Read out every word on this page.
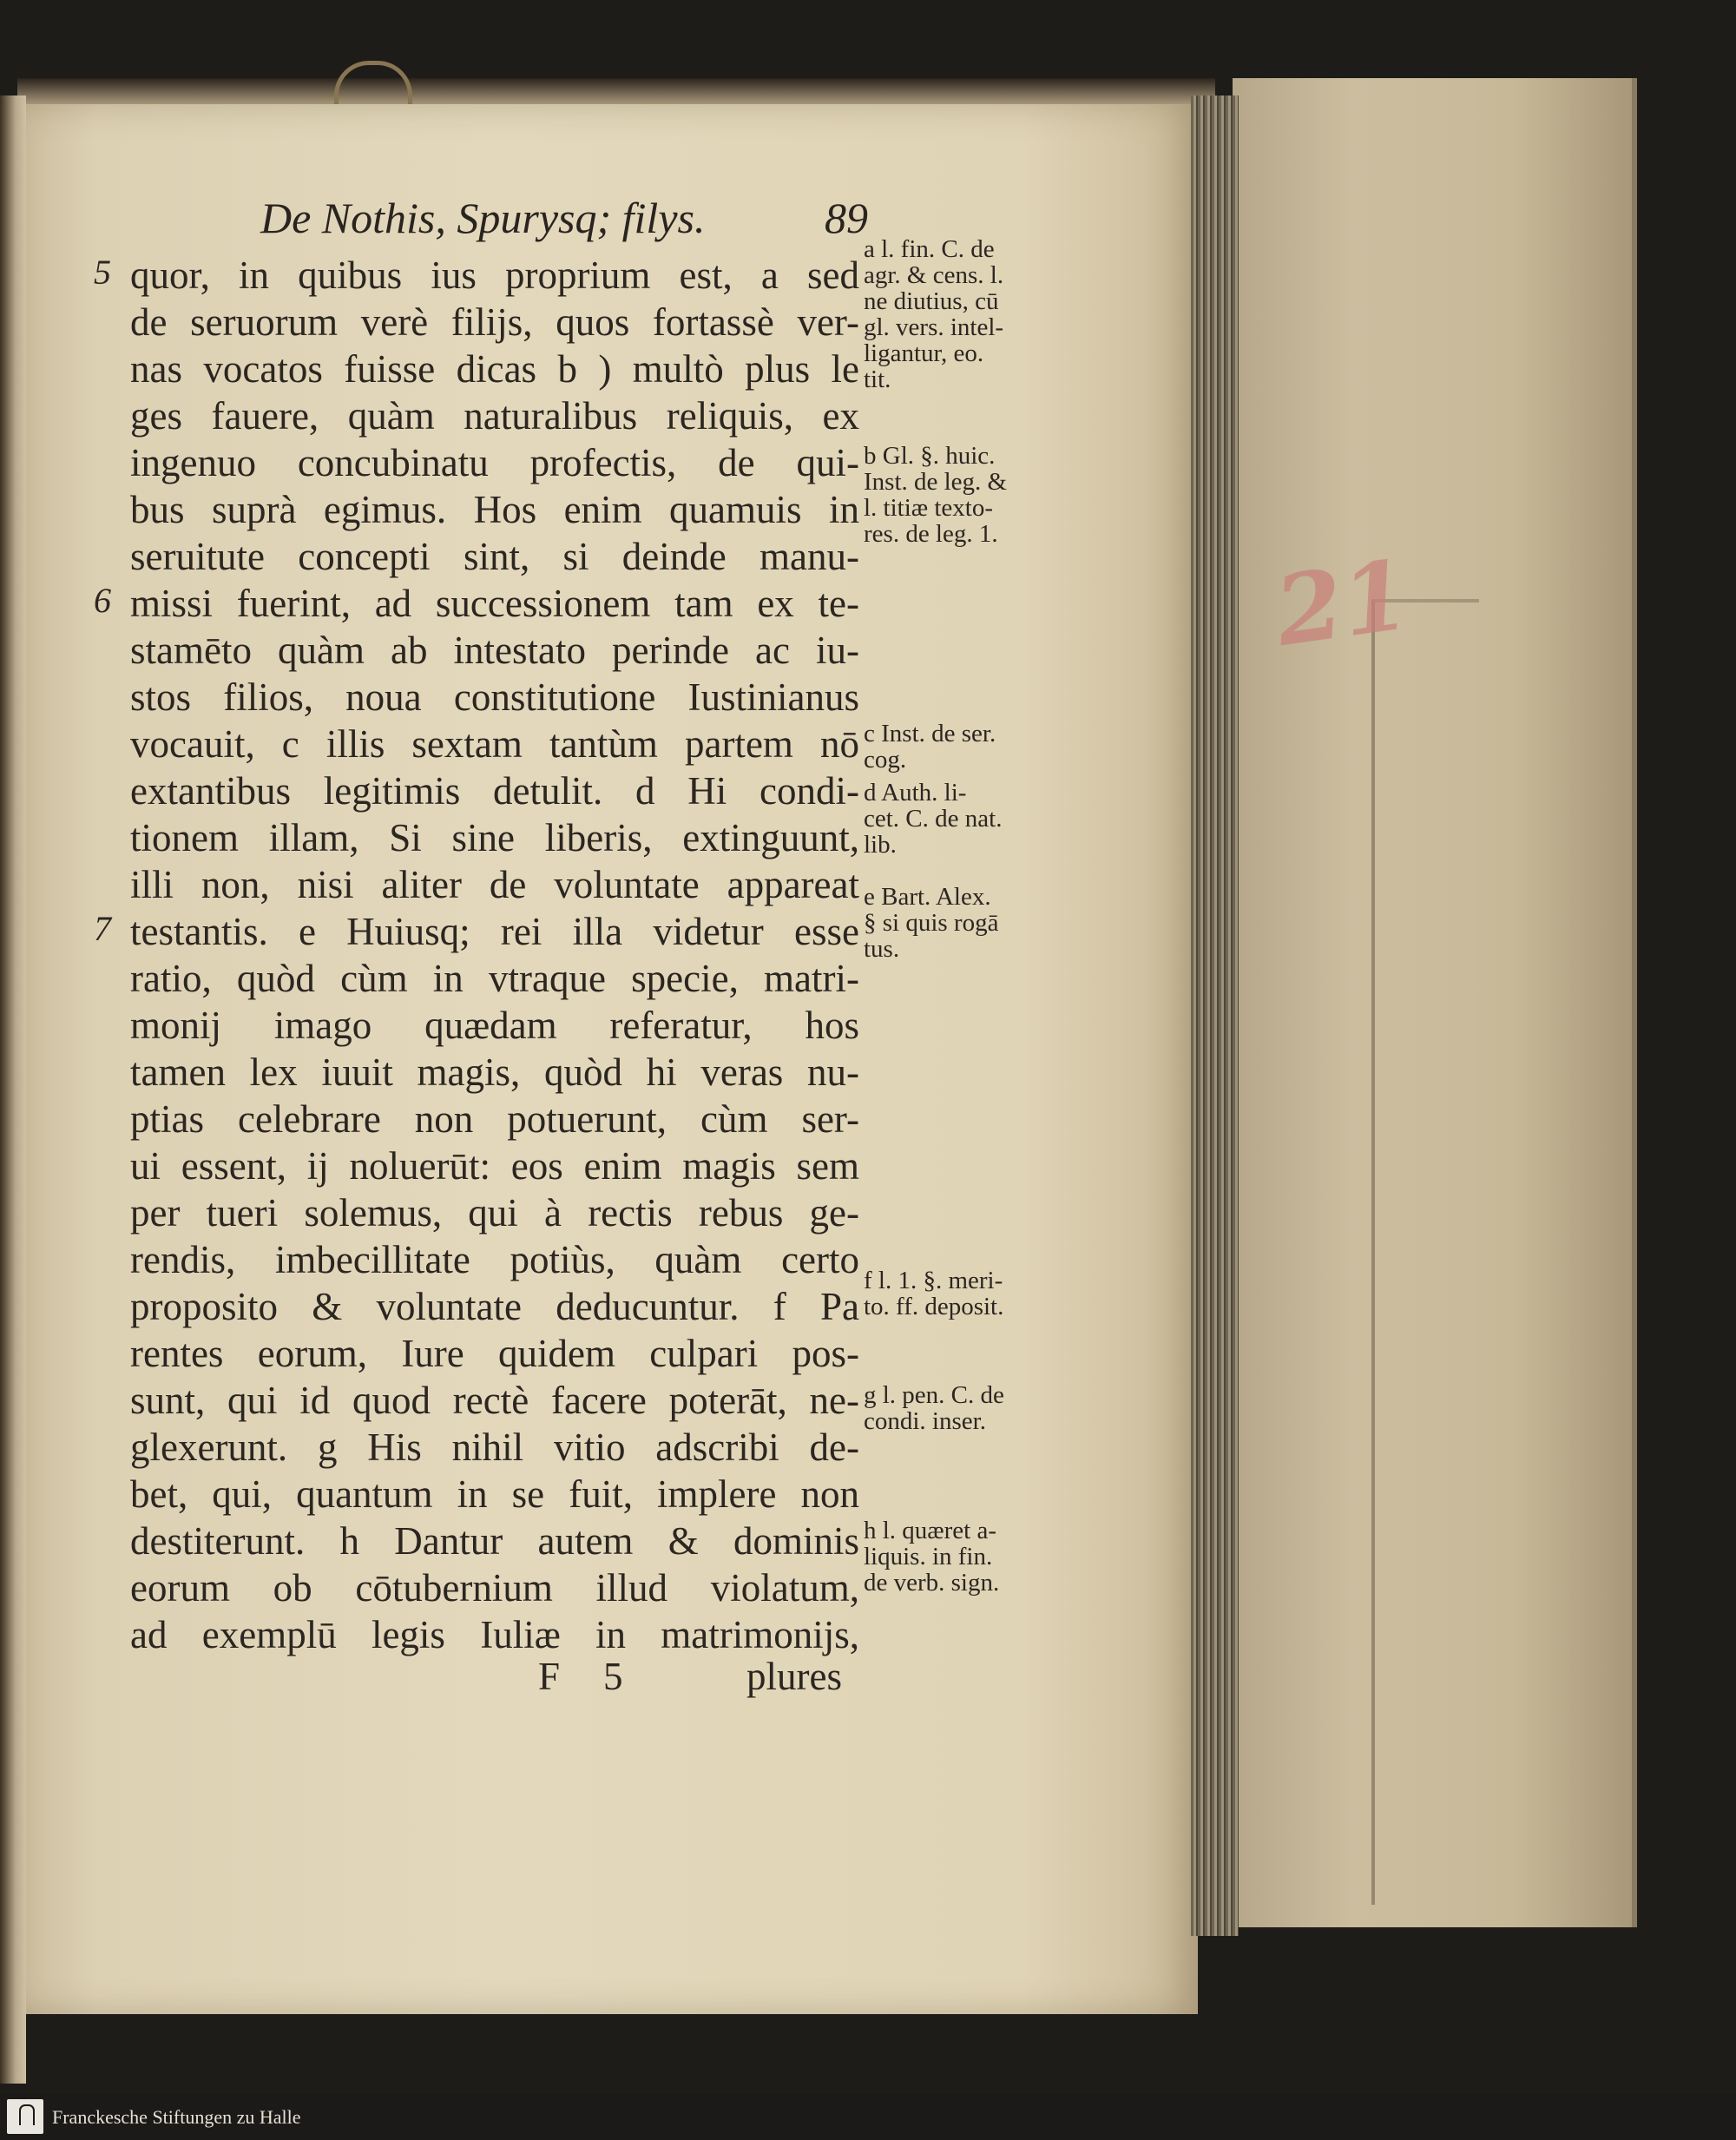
21
De Nothis, Spurysq; filys.	89
5 quor, in quibus ius proprium est, a sed
de seruorum verè filijs, quos fortassè ver-
nas vocatos fuisse dicas b ) multò plus le
ges fauere, quàm naturalibus reliquis, ex
ingenuo concubinatu profectis, de qui-
bus suprà egimus. Hos enim quamuis in
seruitute concepti sint, si deinde manu-
6 missi fuerint, ad successionem tam ex te-
stamēto quàm ab intestato perinde ac iu-
stos filios, noua constitutione Iustinianus
vocauit, c illis sextam tantùm partem nō
extantibus legitimis detulit. d Hi condi-
tionem illam, Si sine liberis, extinguunt,
illi non, nisi aliter de voluntate appareat
7 testantis. e Huiusq; rei illa videtur esse
ratio, quòd cùm in vtraque specie, matri-
monij imago quædam referatur, hos
tamen lex iuuit magis, quòd hi veras nu-
ptias celebrare non potuerunt, cùm ser-
ui essent, ij noluerūt: eos enim magis sem
per tueri solemus, qui à rectis rebus ge-
rendis, imbecillitate potiùs, quàm certo
proposito & voluntate deducuntur. f Pa
rentes eorum, Iure quidem culpari pos-
sunt, qui id quod rectè facere poterāt, ne-
glexerunt. g His nihil vitio adscribi de-
bet, qui, quantum in se fuit, implere non
destiterunt. h Dantur autem & dominis
eorum ob cōtubernium illud violatum,
ad exemplū legis Iuliæ in matrimonijs,
F 5	plures
a l. fin. C. de
agr. & cens. l.
ne diutius, cū
gl. vers. intel-
ligantur, eo.
tit.
b Gl. §. huic.
Inst. de leg. &
l. titiæ texto-
res. de leg. 1.
c Inst. de ser.
cog.
d Auth. li-
cet. C. de nat.
lib.
e Bart. Alex.
§ si quis rogā
tus.
f l. 1. §. meri-
to. ff. deposit.
g l. pen. C. de
condi. inser.
h l. quæret a-
liquis. in fin.
de verb. sign.
Franckesche Stiftungen zu Halle
